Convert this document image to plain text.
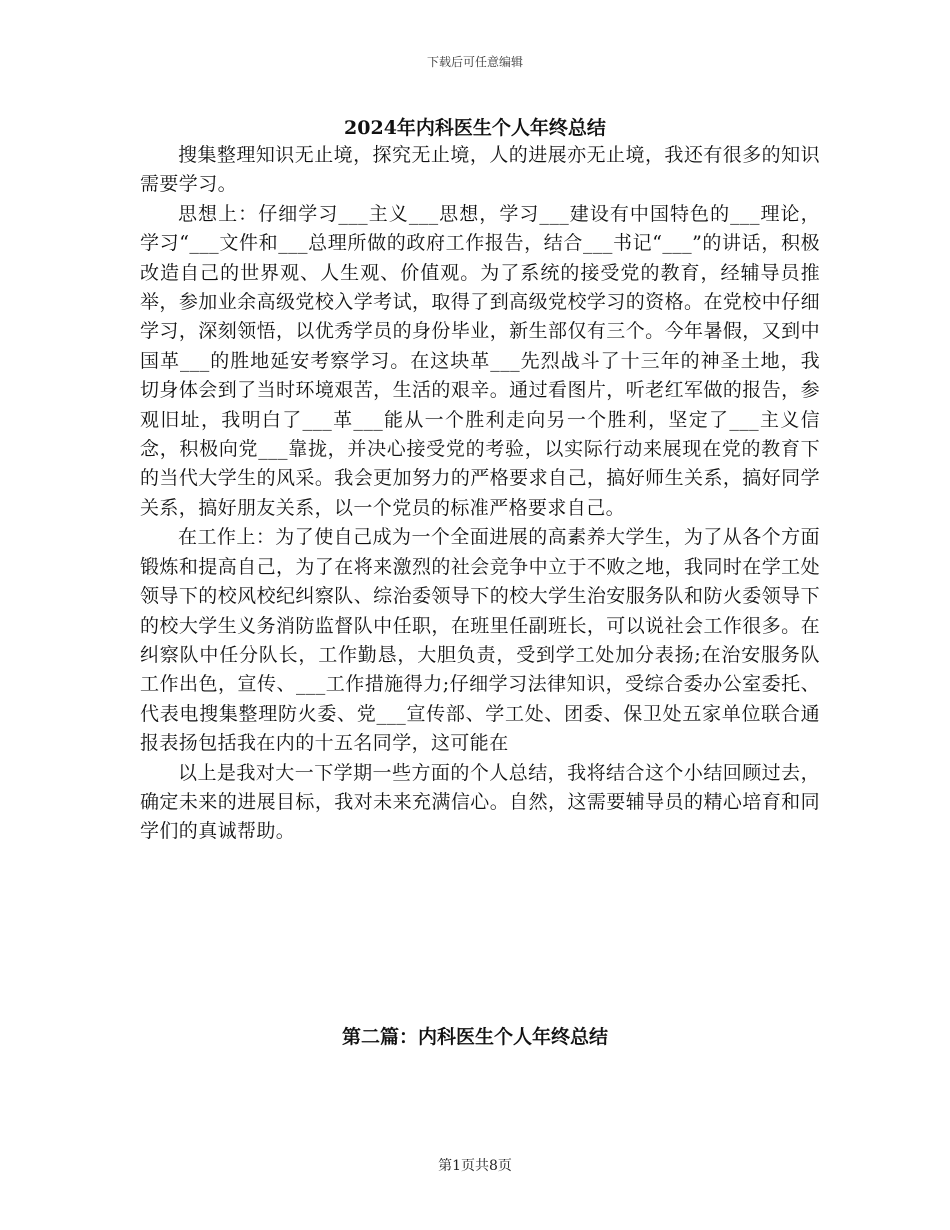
下载后可任意编辑
2024年内科医生个人年终总结

搜集整理知识无止境，探究无止境，人的进展亦无止境，我还有很多的知识需要学习。

思想上：仔细学习___主义___思想，学习___建设有中国特色的___理论，学习“___文件和___总理所做的政府工作报告，结合___书记“___”的讲话，积极改造自己的世界观、人生观、价值观。为了系统的接受党的教育，经辅导员推举，参加业余高级党校入学考试，取得了到高级党校学习的资格。在党校中仔细学习，深刻领悟，以优秀学员的身份毕业，新生部仅有三个。今年暑假，又到中国革___的胜地延安考察学习。在这块革___先烈战斗了十三年的神圣土地，我切身体会到了当时环境艰苦，生活的艰辛。通过看图片，听老红军做的报告，参观旧址，我明白了___革___能从一个胜利走向另一个胜利，坚定了___主义信念，积极向党___靠拢，并决心接受党的考验，以实际行动来展现在党的教育下的当代大学生的风采。我会更加努力的严格要求自己，搞好师生关系，搞好同学关系，搞好朋友关系，以一个党员的标准严格要求自己。

在工作上：为了使自己成为一个全面进展的高素养大学生，为了从各个方面锻炼和提高自己，为了在将来激烈的社会竞争中立于不败之地，我同时在学工处领导下的校风校纪纠察队、综治委领导下的校大学生治安服务队和防火委领导下的校大学生义务消防监督队中任职，在班里任副班长，可以说社会工作很多。在纠察队中任分队长，工作勤恳，大胆负责，受到学工处加分表扬;在治安服务队工作出色，宣传、___工作措施得力;仔细学习法律知识，受综合委办公室委托、代表电搜集整理防火委、党___宣传部、学工处、团委、保卫处五家单位联合通报表扬包括我在内的十五名同学，这可能在

以上是我对大一下学期一些方面的个人总结，我将结合这个小结回顾过去，确定未来的进展目标，我对未来充满信心。自然，这需要辅导员的精心培育和同学们的真诚帮助。

第二篇：内科医生个人年终总结
第1页共8页
